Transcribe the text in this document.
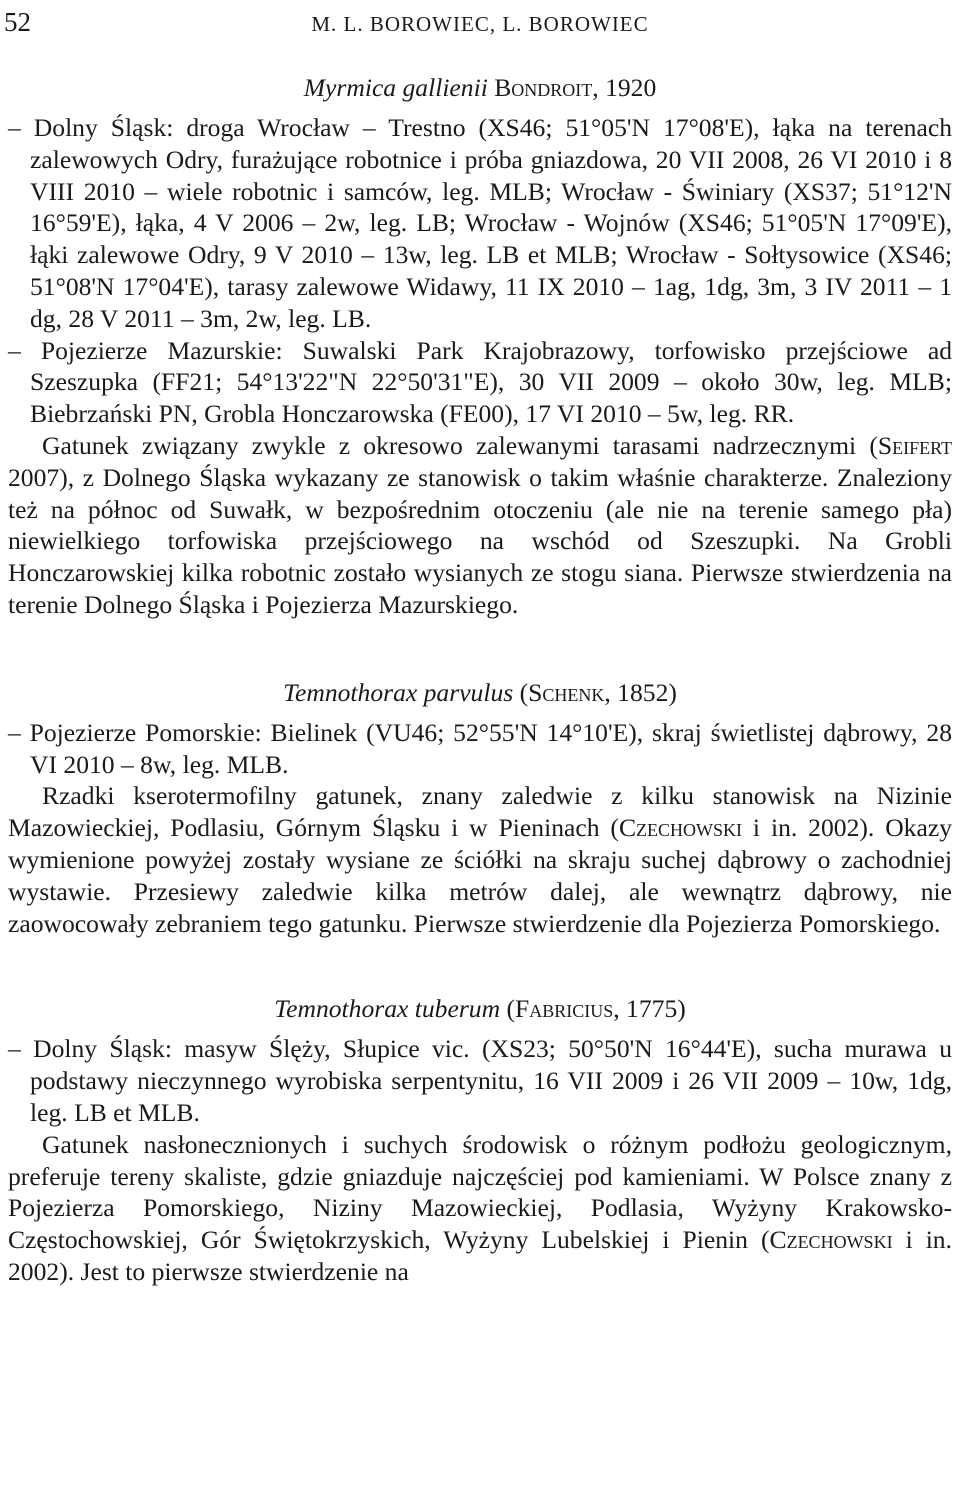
52	M. L. BOROWIEC, L. BOROWIEC

Myrmica gallienii Bondroit, 1920

– Dolny Śląsk: droga Wrocław – Trestno (XS46; 51°05'N 17°08'E), łąka na terenach zalewowych Odry, furażujące robotnice i próba gniazdowa, 20 VII 2008, 26 VI 2010 i 8 VIII 2010 – wiele robotnic i samców, leg. MLB; Wrocław - Świniary (XS37; 51°12'N 16°59'E), łąka, 4 V 2006 – 2w, leg. LB; Wrocław - Wojnów (XS46; 51°05'N 17°09'E), łąki zalewowe Odry, 9 V 2010 – 13w, leg. LB et MLB; Wrocław - Sołtysowice (XS46; 51°08'N 17°04'E), tarasy zalewowe Widawy, 11 IX 2010 – 1ag, 1dg, 3m, 3 IV 2011 – 1 dg, 28 V 2011 – 3m, 2w, leg. LB.

– Pojezierze Mazurskie: Suwalski Park Krajobrazowy, torfowisko przejściowe ad Szeszupka (FF21; 54°13'22"N 22°50'31"E), 30 VII 2009 – około 30w, leg. MLB; Biebrzański PN, Grobla Honczarowska (FE00), 17 VI 2010 – 5w, leg. RR.

Gatunek związany zwykle z okresowo zalewanymi tarasami nadrzecznymi (Seifert 2007), z Dolnego Śląska wykazany ze stanowisk o takim właśnie charakterze. Znaleziony też na północ od Suwałk, w bezpośrednim otoczeniu (ale nie na terenie samego pła) niewielkiego torfowiska przejściowego na wschód od Szeszupki. Na Grobli Honczarowskiej kilka robotnic zostało wysianych ze stogu siana. Pierwsze stwierdzenia na terenie Dolnego Śląska i Pojezierza Mazurskiego.

Temnothorax parvulus (Schenk, 1852)

– Pojezierze Pomorskie: Bielinek (VU46; 52°55'N 14°10'E), skraj świetlistej dąbrowy, 28 VI 2010 – 8w, leg. MLB.

Rzadki kserotermofilny gatunek, znany zaledwie z kilku stanowisk na Nizinie Mazowieckiej, Podlasiu, Górnym Śląsku i w Pieninach (Czechowski i in. 2002). Okazy wymienione powyżej zostały wysiane ze ściółki na skraju suchej dąbrowy o zachodniej wystawie. Przesiewy zaledwie kilka metrów dalej, ale wewnątrz dąbrowy, nie zaowocowały zebraniem tego gatunku. Pierwsze stwierdzenie dla Pojezierza Pomorskiego.

Temnothorax tuberum (Fabricius, 1775)

– Dolny Śląsk: masyw Ślęży, Słupice vic. (XS23; 50°50'N 16°44'E), sucha murawa u podstawy nieczynnego wyrobiska serpentynitu, 16 VII 2009 i 26 VII 2009 – 10w, 1dg, leg. LB et MLB.

Gatunek nasłonecznionych i suchych środowisk o różnym podłożu geologicznym, preferuje tereny skaliste, gdzie gniazduje najczęściej pod kamieniami. W Polsce znany z Pojezierza Pomorskiego, Niziny Mazowieckiej, Podlasia, Wyżyny Krakowsko-Częstochowskiej, Gór Świętokrzyskich, Wyżyny Lubelskiej i Pienin (Czechowski i in. 2002). Jest to pierwsze stwierdzenie na
